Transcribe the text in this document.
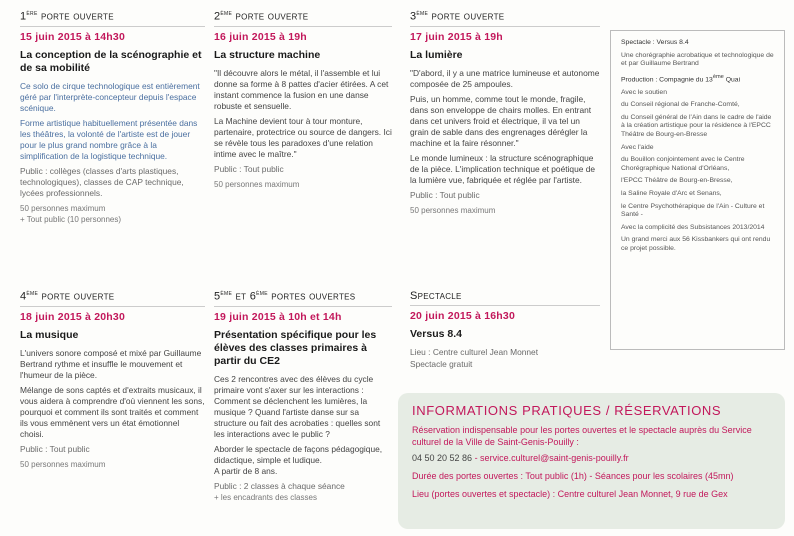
1ère porte ouverte
15 juin 2015 à 14h30
La conception de la scénographie et de sa mobilité
Ce solo de cirque technologique est entièrement géré par l'interprète-concepteur depuis l'espace scénique.
Forme artistique habituellement présentée dans les théâtres, la volonté de l'artiste est de jouer pour le plus grand nombre grâce à la simplification de la logistique technique.
Public : collèges (classes d'arts plastiques, technologiques), classes de CAP technique, lycées professionnels.
50 personnes maximum
+ Tout public (10 personnes)
2ème porte ouverte
16 juin 2015 à 19h
La structure machine
"Il découvre alors le métal, il l'assemble et lui donne sa forme à 8 pattes d'acier étirées. A cet instant commence la fusion en une danse robuste et sensuelle.
La Machine devient tour à tour monture, partenaire, protectrice ou source de dangers. Ici se révèle tous les paradoxes d'une relation intime avec le maître."
Public : Tout public
50 personnes maximum
3ème porte ouverte
17 juin 2015 à 19h
La lumière
"D'abord, il y a une matrice lumineuse et autonome composée de 25 ampoules.
Puis, un homme, comme tout le monde, fragile, dans son enveloppe de chairs molles. En entrant dans cet univers froid et électrique, il va tel un grain de sable dans des engrenages dérégler la machine et la faire résonner."
Le monde lumineux : la structure scénographique de la pièce. L'implication technique et poétique de la lumière vue, fabriquée et réglée par l'artiste.
Public : Tout public
50 personnes maximum
4ème porte ouverte
18 juin 2015 à 20h30
La musique
L'univers sonore composé et mixé par Guillaume Bertrand rythme et insuffle le mouvement et l'humeur de la pièce.
Mélange de sons captés et d'extraits musicaux, il vous aidera à comprendre d'où viennent les sons, pourquoi et comment ils sont traités et comment ils vous emmènent vers un état émotionnel choisi.
Public : Tout public
50 personnes maximum
5ème et 6ème portes ouvertes
19 juin 2015 à 10h et 14h
Présentation spécifique pour les élèves des classes primaires à partir du CE2
Ces 2 rencontres avec des élèves du cycle primaire vont s'axer sur les interactions : Comment se déclenchent les lumières, la musique ? Quand l'artiste danse sur sa structure ou fait des acrobaties : quelles sont les interactions avec le public ?
Aborder le spectacle de façons pédagogique, didactique, simple et ludique.
A partir de 8 ans.
Public : 2 classes à chaque séance
+ les encadrants des classes
Spectacle
20 juin 2015 à 16h30
Versus 8.4
Lieu : Centre culturel Jean Monnet
Spectacle gratuit

Spectacle : Versus 8.4

Une chorégraphie acrobatique et technologique de et par Guillaume Bertrand

Production : Compagnie du 13ème Quai

Avec le soutien

du Conseil régional de Franche-Comté,

du Conseil général de l'Ain dans le cadre de l'aide à la création artistique pour la résidence à l'EPCC Théâtre de Bourg-en-Bresse

Avec l'aide

du Bouillon conjointement avec le Centre Chorégraphique National d'Orléans,

l'EPCC Théâtre de Bourg-en-Bresse,

la Saline Royale d'Arc et Senans,

le Centre Psychothérapique de l'Ain - Culture et Santé -

Avec la complicité des Subsistances 2013/2014

Un grand merci aux 56 Kissbankers qui ont rendu ce projet possible.

INFORMATIONS PRATIQUES / RÉSERVATIONS
Réservation indispensable pour les portes ouvertes et le spectacle auprès du Service culturel de la Ville de Saint-Genis-Pouilly :
04 50 20 52 86 - service.culturel@saint-genis-pouilly.fr
Durée des portes ouvertes : Tout public (1h) - Séances pour les scolaires (45mn)
Lieu (portes ouvertes et spectacle) : Centre culturel Jean Monnet, 9 rue de Gex
